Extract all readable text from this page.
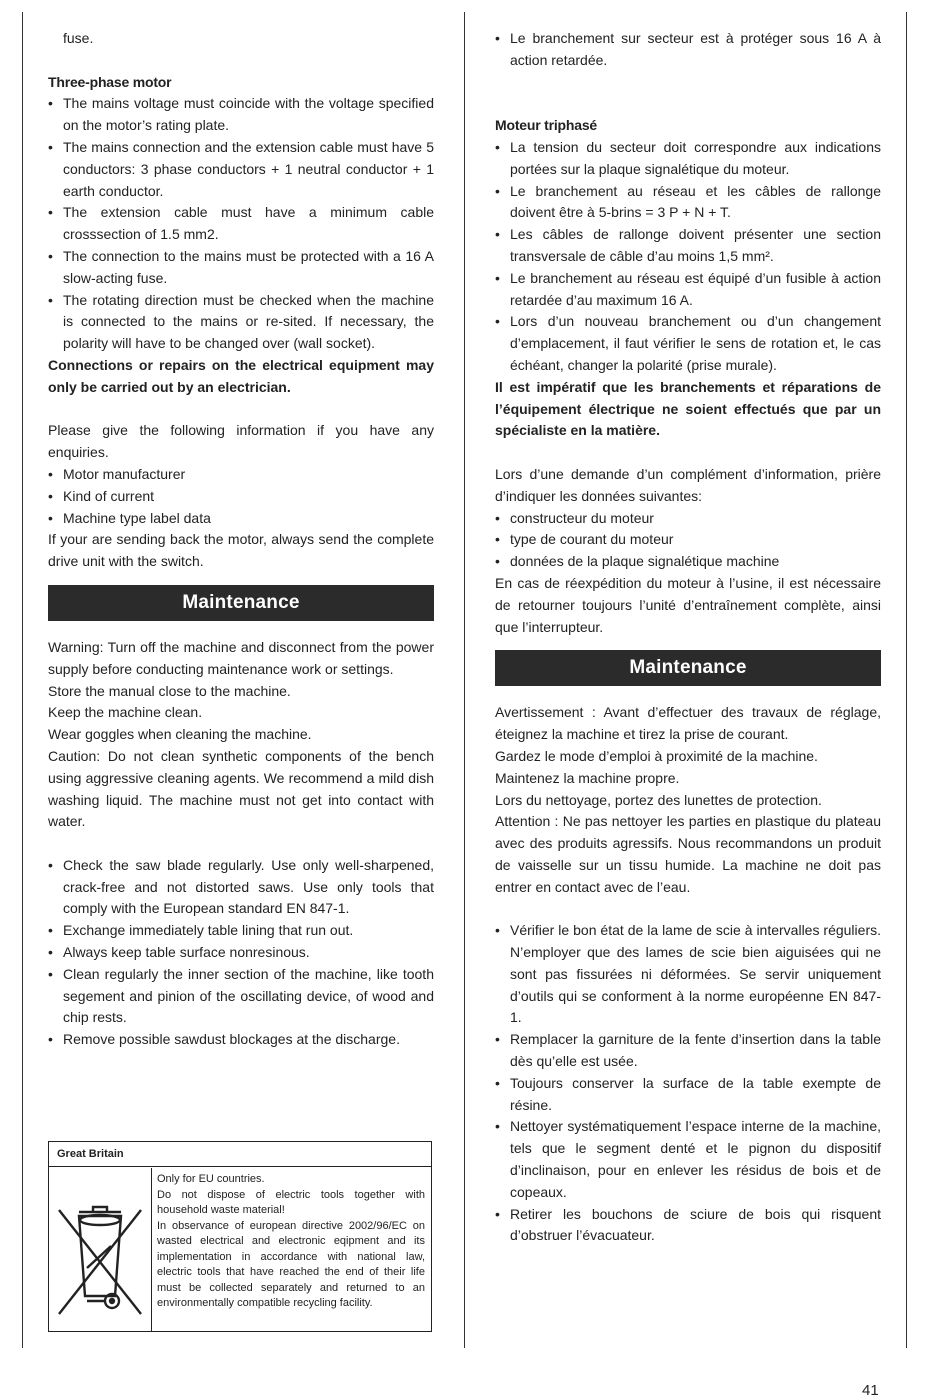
fuse.

Three-phase motor

• The mains voltage must coincide with the voltage specified on the motor’s rating plate.
• The mains connection and the extension cable must have 5 conductors: 3 phase conductors + 1 neutral conductor + 1 earth conductor.
• The extension cable must have a minimum cable crosssection of 1.5 mm2.
• The connection to the mains must be protected with a 16 A slow-acting fuse.
• The rotating direction must be checked when the machine is connected to the mains or re-sited. If necessary, the polarity will have to be changed over (wall socket).

Connections or repairs on the electrical equipment may only be carried out by an electrician.

Please give the following information if you have any enquiries.

• Motor manufacturer
• Kind of current
• Machine type label data

If your are sending back the motor, always send the complete drive unit with the switch.

Maintenance

Warning: Turn off the machine and disconnect from the power supply before conducting maintenance work or settings.

Store the manual close to the machine.

Keep the machine clean.

Wear goggles when cleaning the machine.

Caution: Do not clean synthetic components of the bench using aggressive cleaning agents. We recommend a mild dish washing liquid. The machine must not get into contact with water.

• Check the saw blade regularly. Use only well-sharpened, crack-free and not distorted saws. Use only tools that comply with the European standard EN 847-1.
• Exchange immediately table lining that run out.
• Always keep table surface nonresinous.
• Clean regularly the inner section of the machine, like tooth segement and pinion of the oscillating device, of wood and chip rests.
• Remove possible sawdust blockages at the discharge.
Great Britain
Only for EU countries.
Do not dispose of electric tools together with household waste material!
In observance of european directive 2002/96/EC on wasted electrical and electronic eqipment and its implementation in accordance with national law, electric tools that have reached the end of their life must be collected separately and returned to an environmentally compatible recycling facility.
• Le branchement sur secteur est à protéger sous 16 A à action retardée.

Moteur triphasé

• La tension du secteur doit correspondre aux indications portées sur la plaque signalétique du moteur.
• Le branchement au réseau et les câbles de rallonge doivent être à 5-brins = 3 P + N + T.
• Les câbles de rallonge doivent présenter une section transversale de câble d’au moins 1,5 mm².
• Le branchement au réseau est équipé d’un fusible à action retardée d’au maximum 16 A.
• Lors d’un nouveau branchement ou d’un changement d’emplacement, il faut vérifier le sens de rotation et, le cas échéant, changer la polarité (prise murale).

Il est impératif que les branchements et réparations de l’équipement électrique ne soient effectués que par un spécialiste en la matière.

Lors d’une demande d’un complément d’information, prière d’indiquer les données suivantes:

• constructeur du moteur
• type de courant du moteur
• données de la plaque signalétique machine

En cas de réexpédition du moteur à l’usine, il est nécessaire de retourner toujours l’unité d’entraînement complète, ainsi que l’interrupteur.

Maintenance

Avertissement : Avant d’effectuer des travaux de réglage, éteignez la machine et tirez la prise de courant.

Gardez le mode d’emploi à proximité de la machine.

Maintenez la machine propre.

Lors du nettoyage, portez des lunettes de protection.

Attention : Ne pas nettoyer les parties en plastique du plateau avec des produits agressifs. Nous recommandons un produit de vaisselle sur un tissu humide. La machine ne doit pas entrer en contact avec de l’eau.

• Vérifier le bon état de la lame de scie à intervalles réguliers. N’employer que des lames de scie bien aiguisées qui ne sont pas fissurées ni déformées. Se servir uniquement d’outils qui se conforment à la norme européenne EN 847-1.
• Remplacer la garniture de la fente d’insertion dans la table dès qu’elle est usée.
• Toujours conserver la surface de la table exempte de résine.
• Nettoyer systématiquement l’espace interne de la machine, tels que le segment denté et le pignon du dispositif d’inclinaison, pour en enlever les résidus de bois et de copeaux.
• Retirer les bouchons de sciure de bois qui risquent d’obstruer l’évacuateur.
41
